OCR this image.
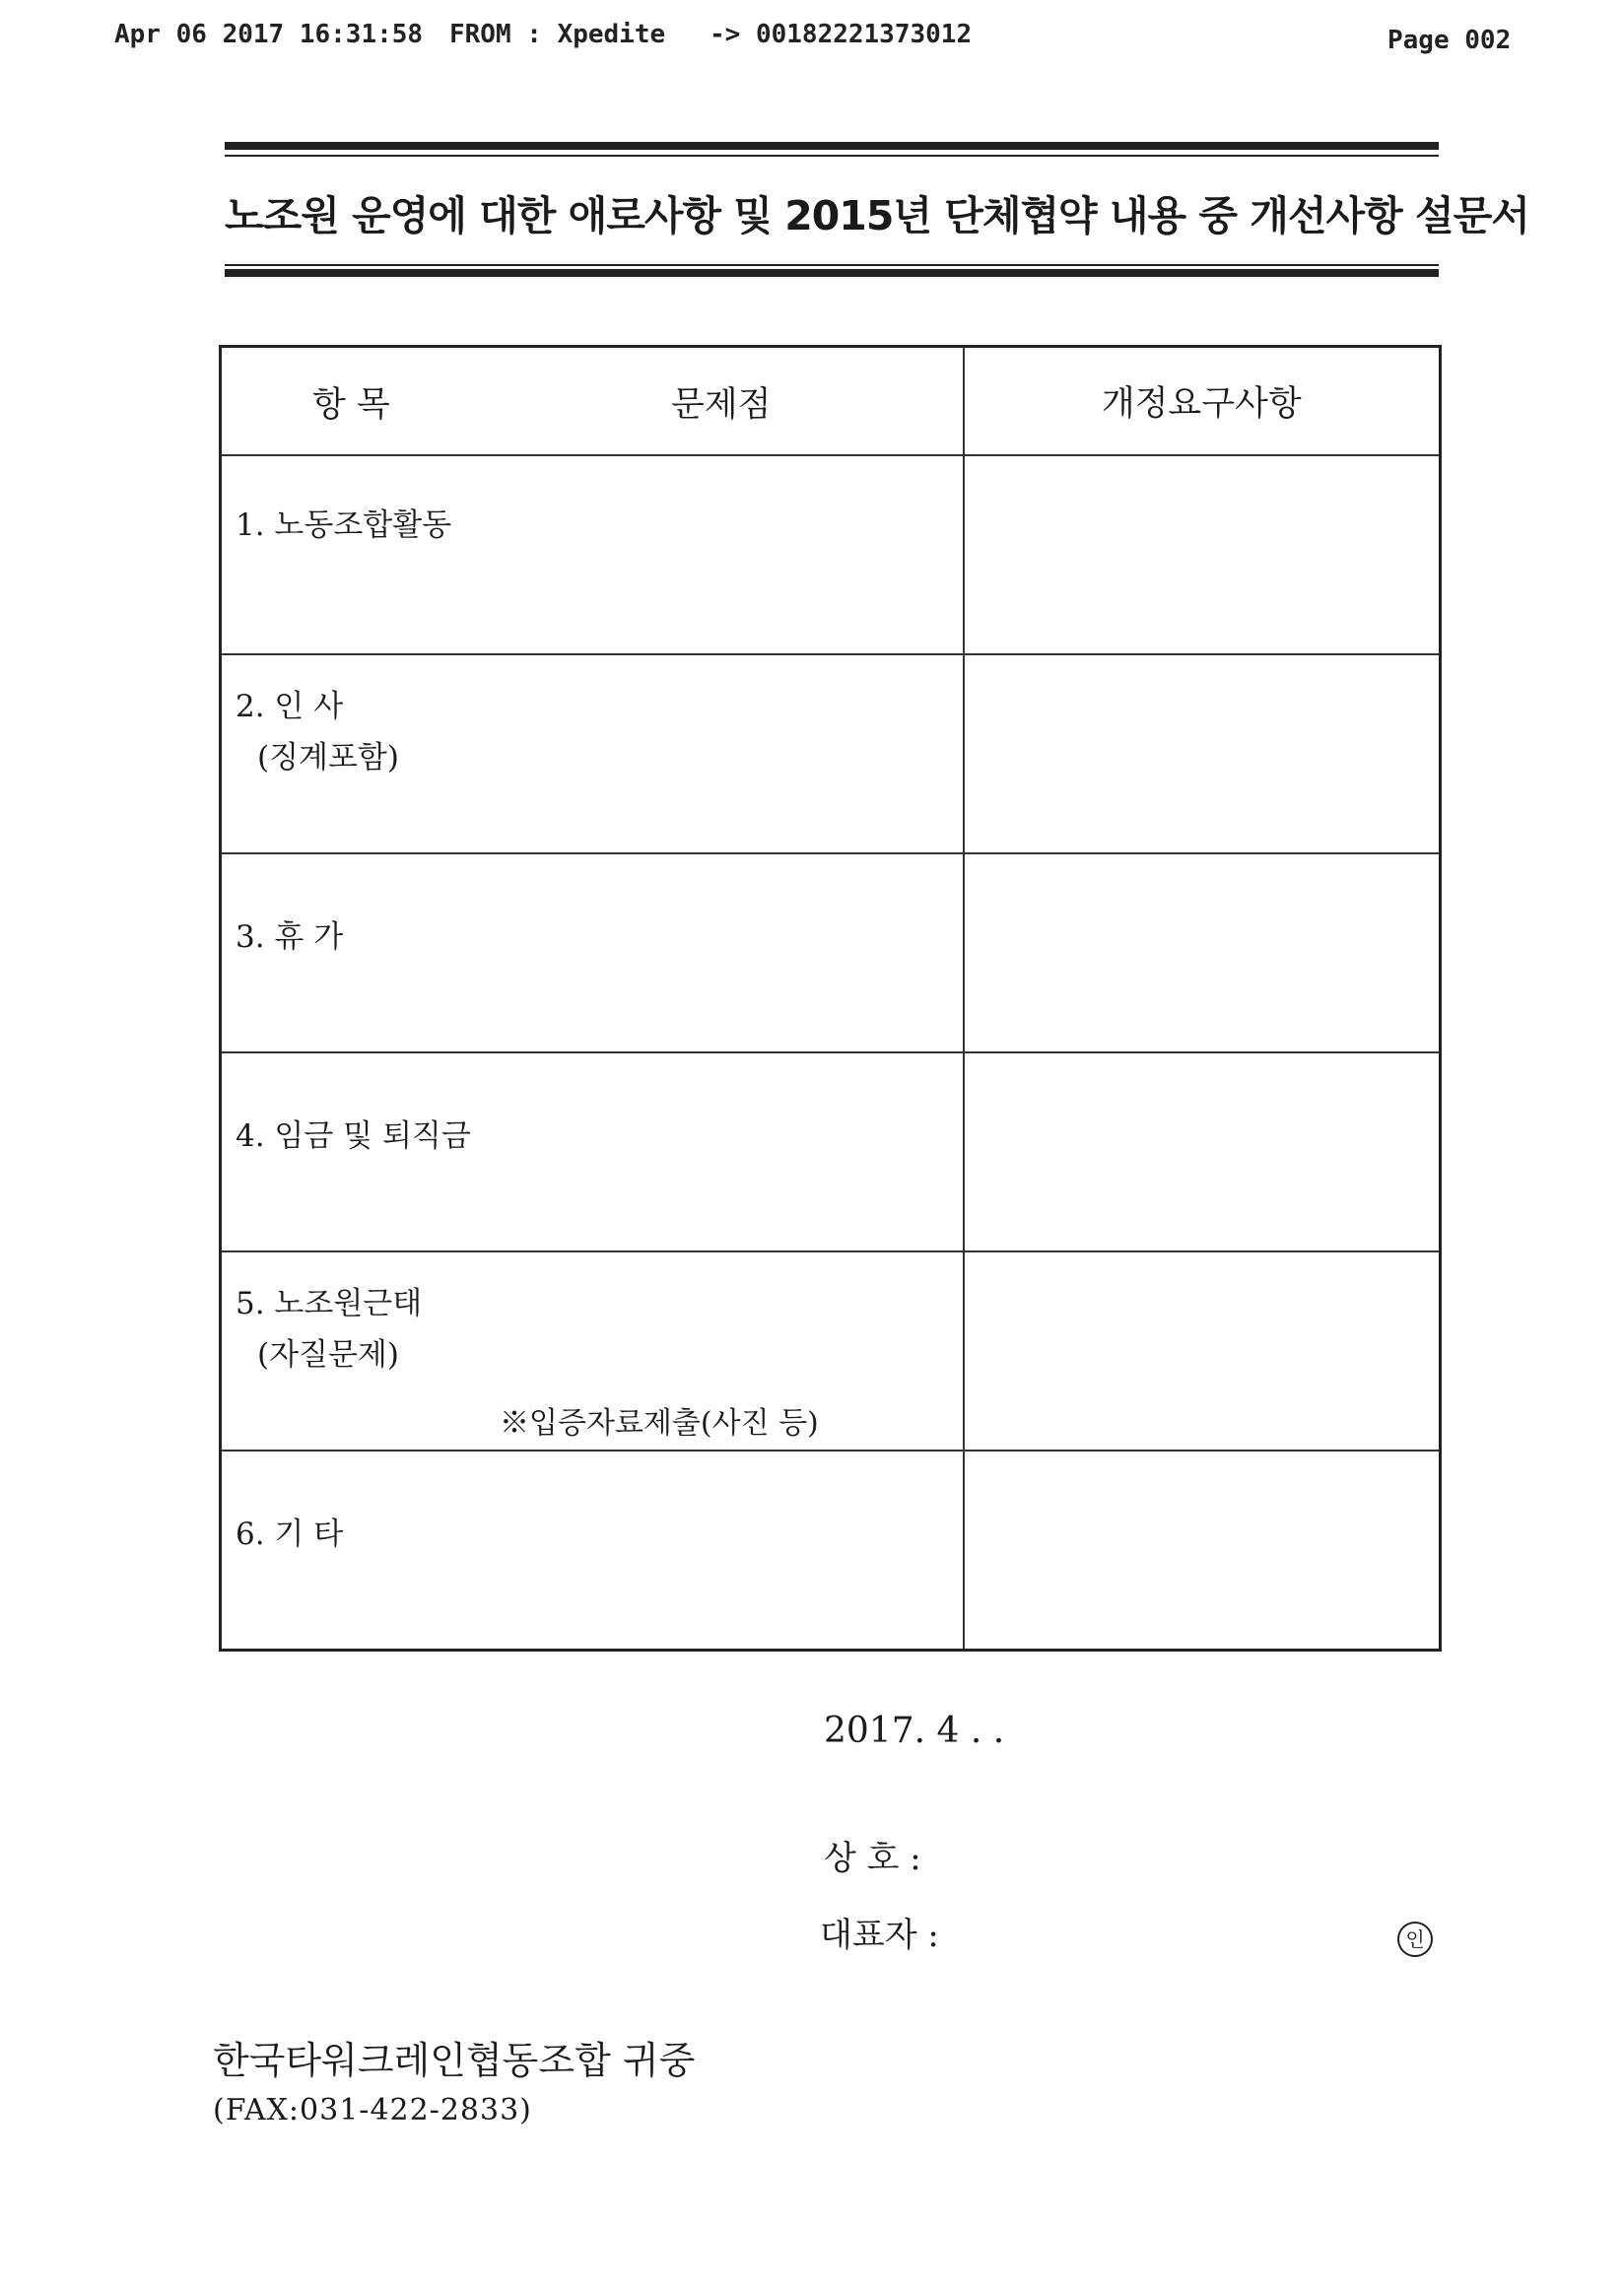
Apr 06 2017 16:31:58 FROM : Xpedite -> 00182221373012	Page 002
노조원 운영에 대한 애로사항 및 2015년 단체협약 내용 중 개선사항 설문서
항 목 문제점	개정요구사항

1. 노동조합활동	

2. 인 사
(징계포함)	

3. 휴 가	

4. 임금 및 퇴직금	

5. 노조원근태
(자질문제)
※입증자료제출(사진 등)	

6. 기 타	

2017. 4 . .
상 호 :
대표자 :	인
한국타워크레인협동조합 귀중
(FAX:031-422-2833)
